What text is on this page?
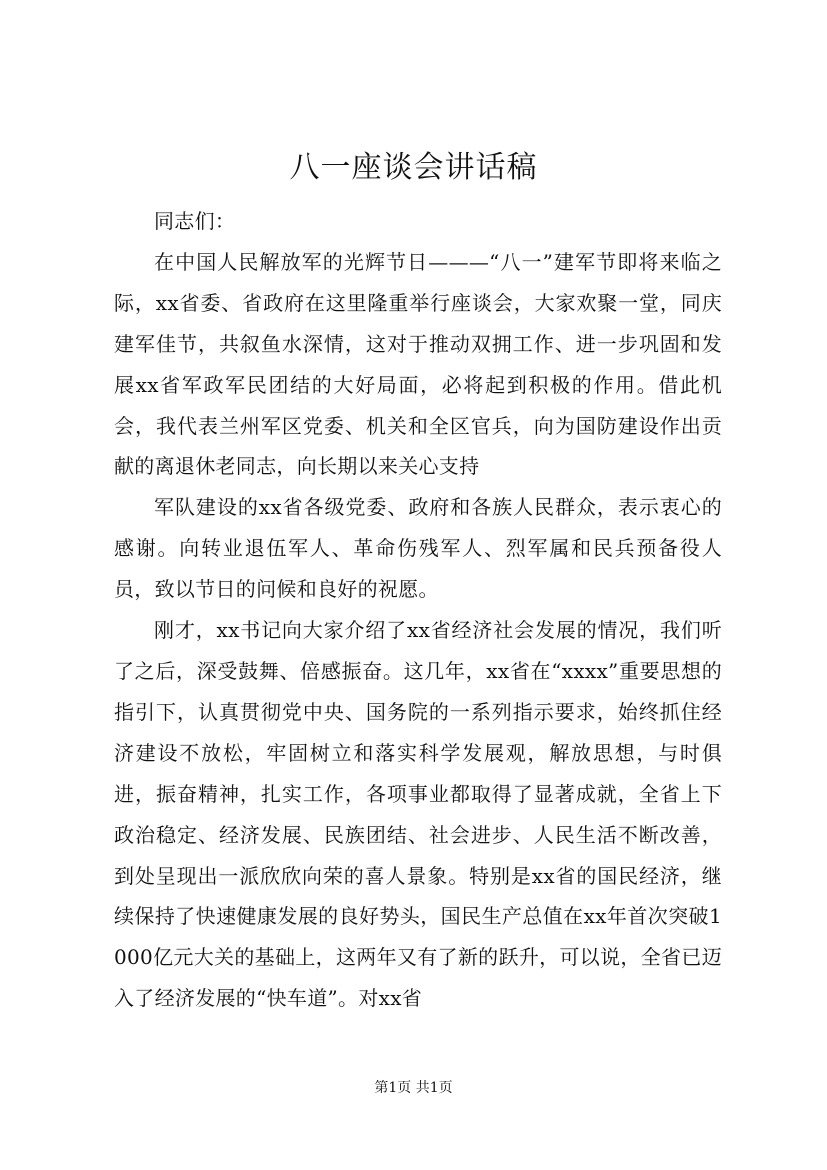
八一座谈会讲话稿

同志们：

在中国人民解放军的光辉节日———“八一”建军节即将来临之际，xx省委、省政府在这里隆重举行座谈会，大家欢聚一堂，同庆建军佳节，共叙鱼水深情，这对于推动双拥工作、进一步巩固和发展xx省军政军民团结的大好局面，必将起到积极的作用。借此机会，我代表兰州军区党委、机关和全区官兵，向为国防建设作出贡献的离退休老同志，向长期以来关心支持

军队建设的xx省各级党委、政府和各族人民群众，表示衷心的感谢。向转业退伍军人、革命伤残军人、烈军属和民兵预备役人员，致以节日的问候和良好的祝愿。

刚才，xx书记向大家介绍了xx省经济社会发展的情况，我们听了之后，深受鼓舞、倍感振奋。这几年，xx省在“xxxx”重要思想的指引下，认真贯彻党中央、国务院的一系列指示要求，始终抓住经济建设不放松，牢固树立和落实科学发展观，解放思想，与时俱进，振奋精神，扎实工作，各项事业都取得了显著成就，全省上下政治稳定、经济发展、民族团结、社会进步、人民生活不断改善，到处呈现出一派欣欣向荣的喜人景象。特别是xx省的国民经济，继续保持了快速健康发展的良好势头，国民生产总值在xx年首次突破1000亿元大关的基础上，这两年又有了新的跃升，可以说，全省已迈入了经济发展的“快车道”。对xx省

第1页 共1页
